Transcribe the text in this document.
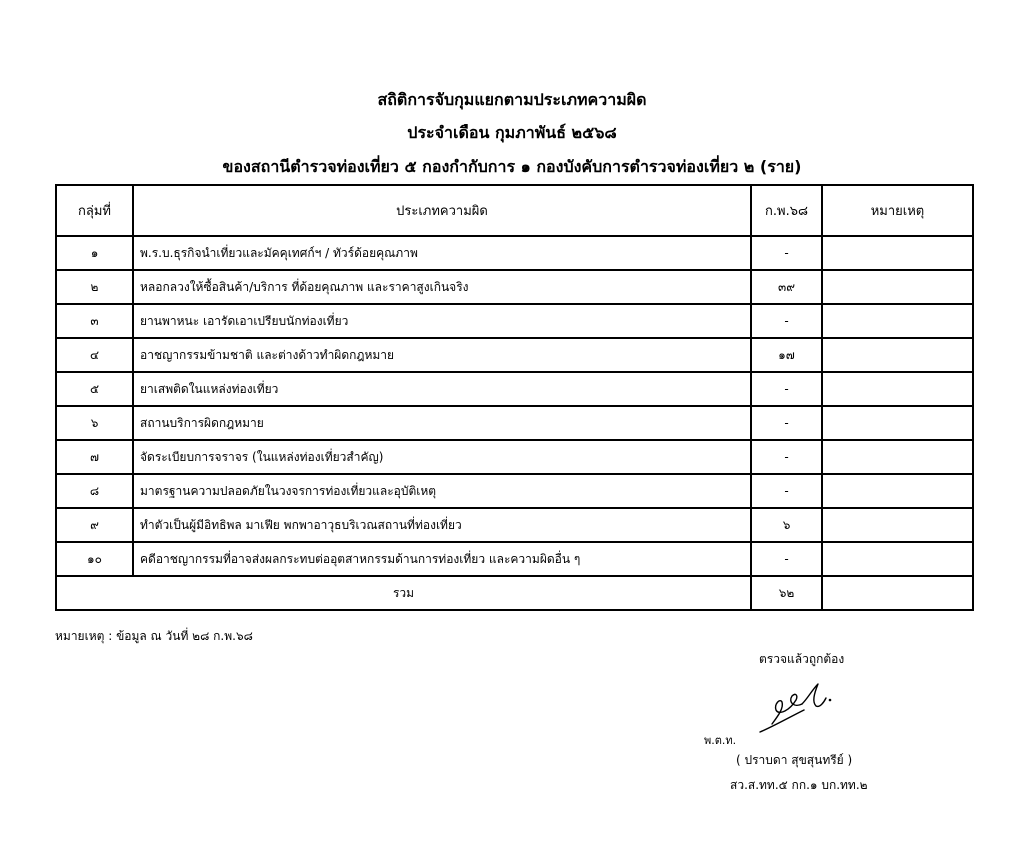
สถิติการจับกุมแยกตามประเภทความผิด
ประจำเดือน กุมภาพันธ์ ๒๕๖๘
ของสถานีตำรวจท่องเที่ยว ๕ กองกำกับการ ๑ กองบังคับการตำรวจท่องเที่ยว ๒ (ราย)
กลุ่มที่	ประเภทความผิด	ก.พ.๖๘	หมายเหตุ
๑	พ.ร.บ.ธุรกิจนำเที่ยวและมัคคุเทศก์ฯ / ทัวร์ด้อยคุณภาพ	-	
๒	หลอกลวงให้ซื้อสินค้า/บริการ ที่ด้อยคุณภาพ และราคาสูงเกินจริง	๓๙	
๓	ยานพาหนะ เอารัดเอาเปรียบนักท่องเที่ยว	-	
๔	อาชญากรรมข้ามชาติ และต่างด้าวทำผิดกฎหมาย	๑๗	
๕	ยาเสพติดในแหล่งท่องเที่ยว	-	
๖	สถานบริการผิดกฎหมาย	-	
๗	จัดระเบียบการจราจร (ในแหล่งท่องเที่ยวสำคัญ)	-	
๘	มาตรฐานความปลอดภัยในวงจรการท่องเที่ยวและอุบัติเหตุ	-	
๙	ทำตัวเป็นผู้มีอิทธิพล มาเฟีย พกพาอาวุธบริเวณสถานที่ท่องเที่ยว	๖	
๑๐	คดีอาชญากรรมที่อาจส่งผลกระทบต่ออุตสาหกรรมด้านการท่องเที่ยว และความผิดอื่น ๆ	-	
รวม		๖๒	
หมายเหตุ : ข้อมูล ณ วันที่ ๒๘ ก.พ.๖๘
ตรวจแล้วถูกต้อง
พ.ต.ท.
( ปราบดา สุขสุนทรีย์ )
สว.ส.ทท.๕ กก.๑ บก.ทท.๒
